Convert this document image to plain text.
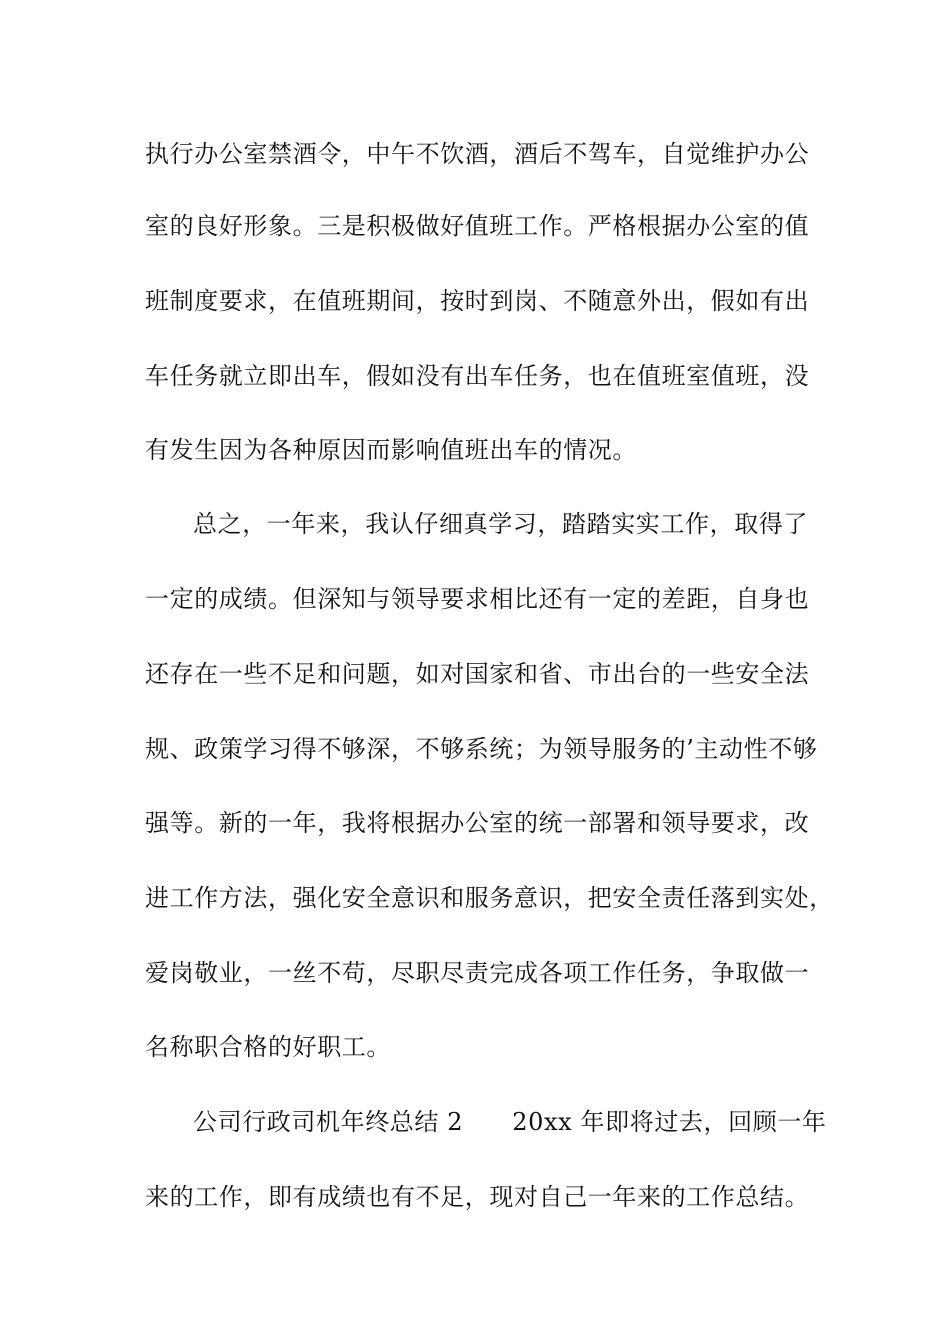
执行办公室禁酒令，中午不饮酒，酒后不驾车，自觉维护办公
室的良好形象。三是积极做好值班工作。严格根据办公室的值
班制度要求，在值班期间，按时到岗、不随意外出，假如有出
车任务就立即出车，假如没有出车任务，也在值班室值班，没
有发生因为各种原因而影响值班出车的情况。
总之，一年来，我认仔细真学习，踏踏实实工作，取得了
一定的成绩。但深知与领导要求相比还有一定的差距，自身也
还存在一些不足和问题，如对国家和省、市出台的一些安全法
规、政策学习得不够深，不够系统；为领导服务的’主动性不够
强等。新的一年，我将根据办公室的统一部署和领导要求，改
进工作方法，强化安全意识和服务意识，把安全责任落到实处，
爱岗敬业，一丝不苟，尽职尽责完成各项工作任务，争取做一
名称职合格的好职工。
公司行政司机年终总结 2　　20xx 年即将过去，回顾一年
来的工作，即有成绩也有不足，现对自己一年来的工作总结。
